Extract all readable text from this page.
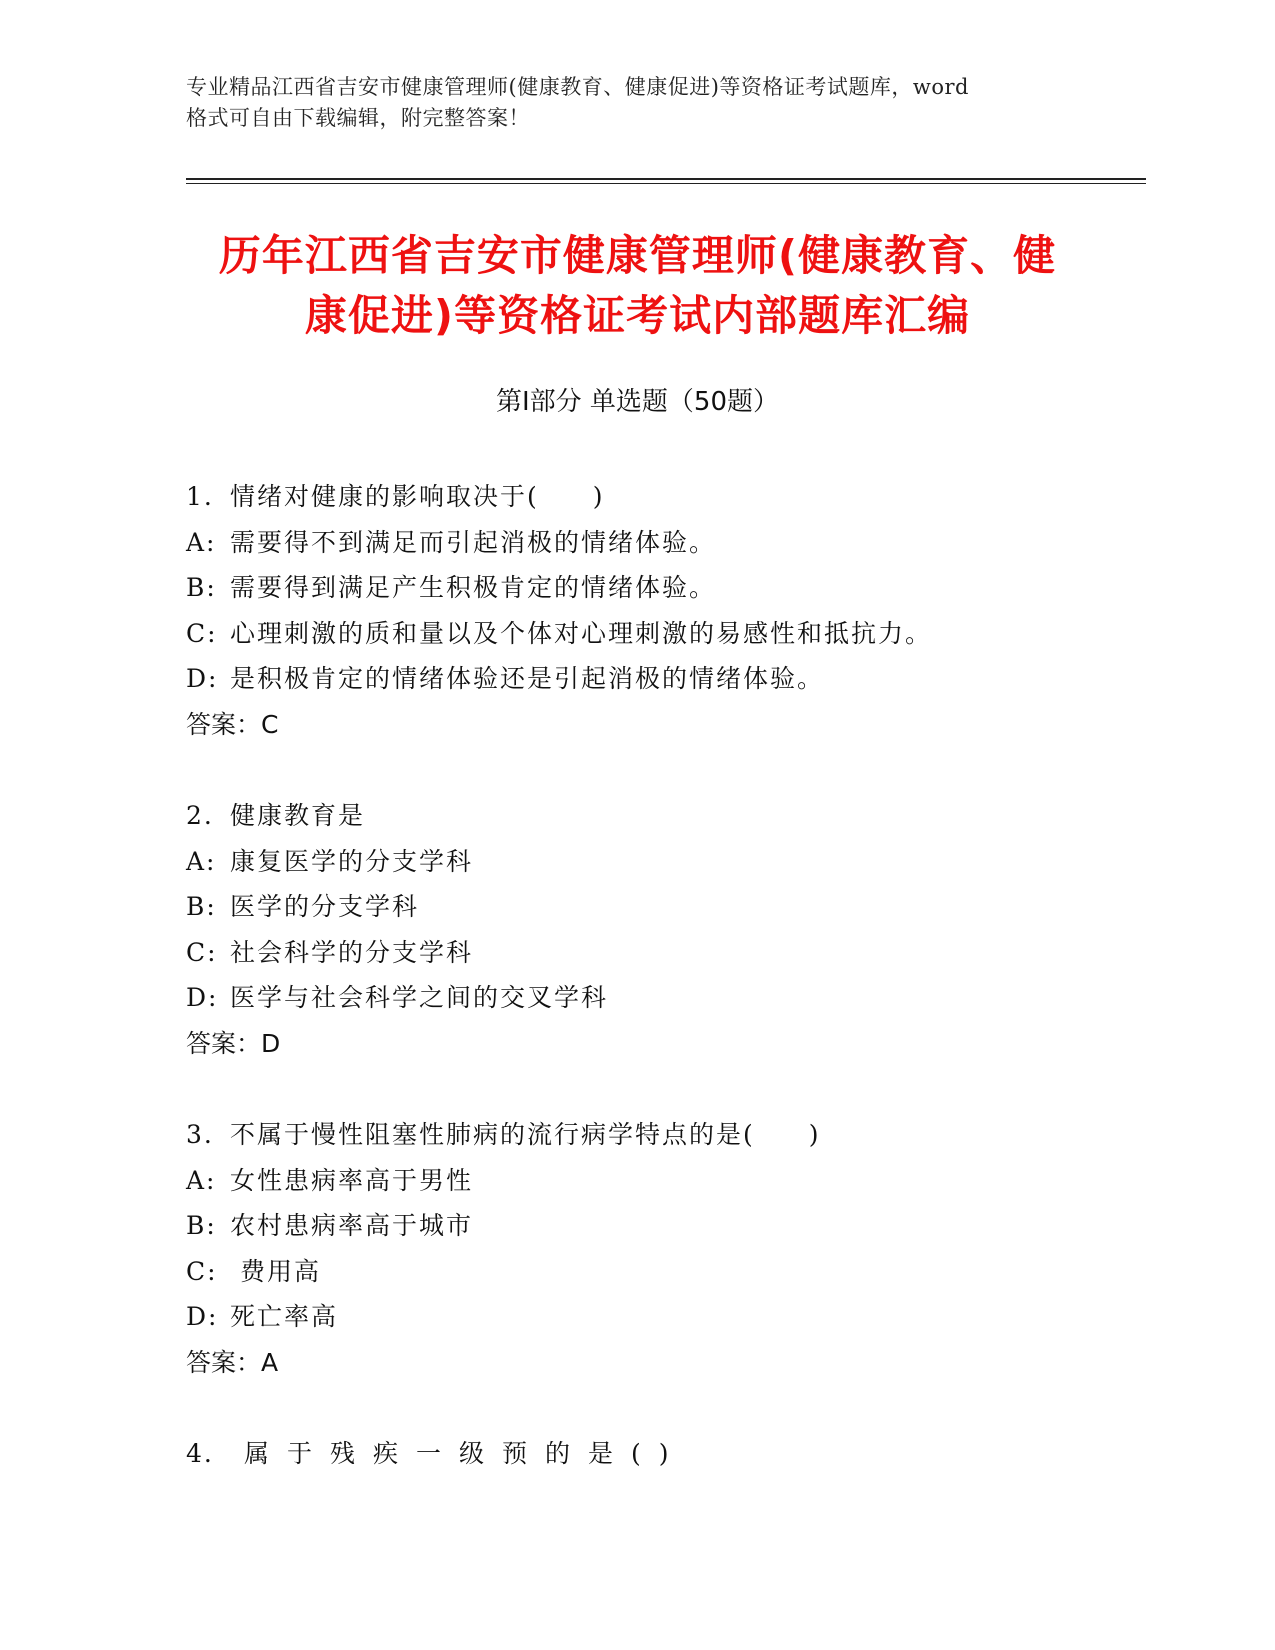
专业精品江西省吉安市健康管理师(健康教育、健康促进)等资格证考试题库，word
格式可自由下载编辑，附完整答案！
历年江西省吉安市健康管理师(健康教育、健
康促进)等资格证考试内部题库汇编
第Ⅰ部分 单选题（50题）
1. 情绪对健康的影响取决于(　　)
A: 需要得不到满足而引起消极的情绪体验。
B: 需要得到满足产生积极肯定的情绪体验。
C: 心理刺激的质和量以及个体对心理刺激的易感性和抵抗力。
D: 是积极肯定的情绪体验还是引起消极的情绪体验。
答案：C
2. 健康教育是
A: 康复医学的分支学科
B: 医学的分支学科
C: 社会科学的分支学科
D: 医学与社会科学之间的交叉学科
答案：D
3. 不属于慢性阻塞性肺病的流行病学特点的是(　　)
A: 女性患病率高于男性
B: 农村患病率高于城市
C: 费用高
D: 死亡率高
答案：A
4. 属于残疾一级预的是()
